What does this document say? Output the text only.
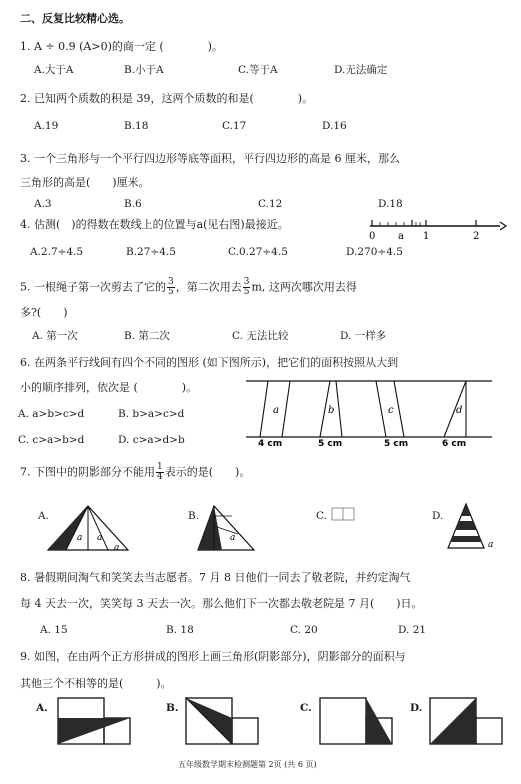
二、反复比较精心选。
1. A ÷ 0.9 (A>0)的商一定 (　　　　)。
A.大于A	B.小于A	C.等于A	D.无法确定
2. 已知两个质数的积是 39，这两个质数的和是(　　　　)。
A.19	B.18	C.17	D.16
3. 一个三角形与一个平行四边形等底等面积，平行四边形的高是 6 厘米，那么
三角形的高是(　　)厘米。
A.3	B.6	C.12	D.18
4. 估测(　)的得数在数线上的位置与a(见右图)最接近。
A.2.7÷4.5	B.27÷4.5	C.0.27÷4.5	D.270÷4.5
0 a 1	2
5. 一根绳子第一次剪去了它的 $\frac{3}{5}$ ，第二次用去 $\frac{3}{5} m$, 这两次哪次用去得
多?(　　)
A. 第一次	B. 第二次	C. 无法比较	D. 一样多
6. 在两条平行线间有四个不同的图形 (如下图所示)，把它们的面积按照从大到
小的顺序排列，依次是 (　　　　)。
A. a>b>c>d	B. b>a>c>d
C. c>a>b>d	D. c>a>d>b
a	b	c	d
4 cm	5 cm	5 cm	6 cm
7. 下图中的阴影部分不能用 $\frac{1}{4}$ 表示的是(　　)。
A.
a a
a
B.
a
C.	D.
a
8. 暑假期间淘气和笑笑去当志愿者。7 月 8 日他们一同去了敬老院，并约定淘气
每 4 天去一次，笑笑每 3 天去一次。那么他们下一次都去敬老院是 7 月(　　)日。
A. 15	B. 18	C. 20	D. 21
9. 如图，在由两个正方形拼成的图形上画三角形(阴影部分)，阴影部分的面积与
其他三个不相等的是(　　　)。
A.	B.	C.	D.
五年级数学期末检测题第 2页 (共 6 页)
